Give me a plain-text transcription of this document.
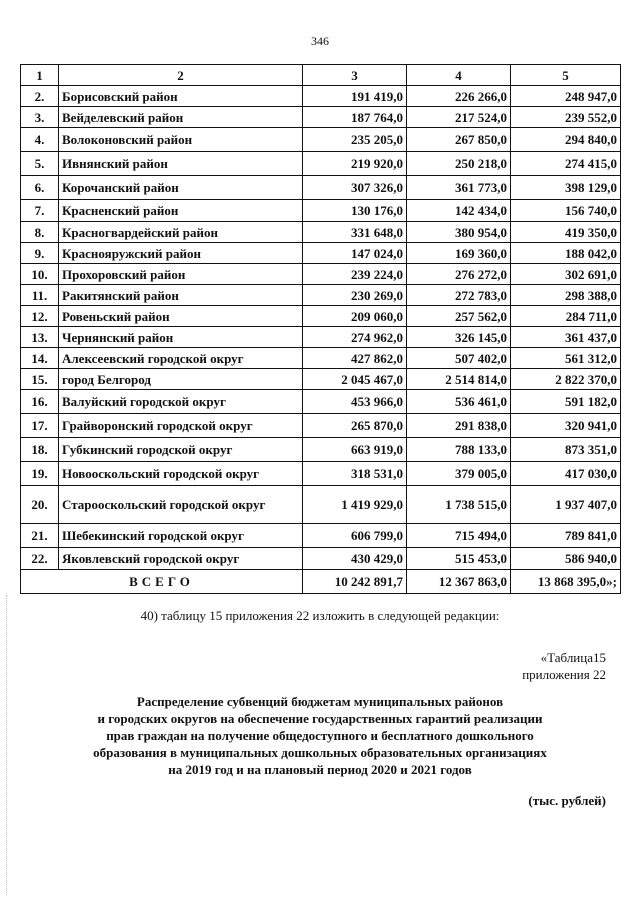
346
1	2	3	4	5
2.	Борисовский район	191 419,0	226 266,0	248 947,0
3.	Вейделевский район	187 764,0	217 524,0	239 552,0
4.	Волоконовский район	235 205,0	267 850,0	294 840,0
5.	Ивнянский район	219 920,0	250 218,0	274 415,0
6.	Корочанский район	307 326,0	361 773,0	398 129,0
7.	Красненский район	130 176,0	142 434,0	156 740,0
8.	Красногвардейский район	331 648,0	380 954,0	419 350,0
9.	Краснояружский район	147 024,0	169 360,0	188 042,0
10.	Прохоровский район	239 224,0	276 272,0	302 691,0
11.	Ракитянский район	230 269,0	272 783,0	298 388,0
12.	Ровеньский район	209 060,0	257 562,0	284 711,0
13.	Чернянский район	274 962,0	326 145,0	361 437,0
14.	Алексеевский городской округ	427 862,0	507 402,0	561 312,0
15.	город Белгород	2 045 467,0	2 514 814,0	2 822 370,0
16.	Валуйский городской округ	453 966,0	536 461,0	591 182,0
17.	Грайворонский городской округ	265 870,0	291 838,0	320 941,0
18.	Губкинский городской округ	663 919,0	788 133,0	873 351,0
19.	Новооскольский городской округ	318 531,0	379 005,0	417 030,0
20.	Старооскольский городской округ	1 419 929,0	1 738 515,0	1 937 407,0
21.	Шебекинский городской округ	606 799,0	715 494,0	789 841,0
22.	Яковлевский городской округ	430 429,0	515 453,0	586 940,0
ВСЕГО		10 242 891,7	12 367 863,0	13 868 395,0»;
40) таблицу 15 приложения 22 изложить в следующей редакции:
«Таблица15
приложения 22
Распределение субвенций бюджетам муниципальных районов
и городских округов на обеспечение государственных гарантий реализации
прав граждан на получение общедоступного и бесплатного дошкольного
образования в муниципальных дошкольных образовательных организациях
на 2019 год и на плановый период 2020 и 2021 годов
(тыс. рублей)
